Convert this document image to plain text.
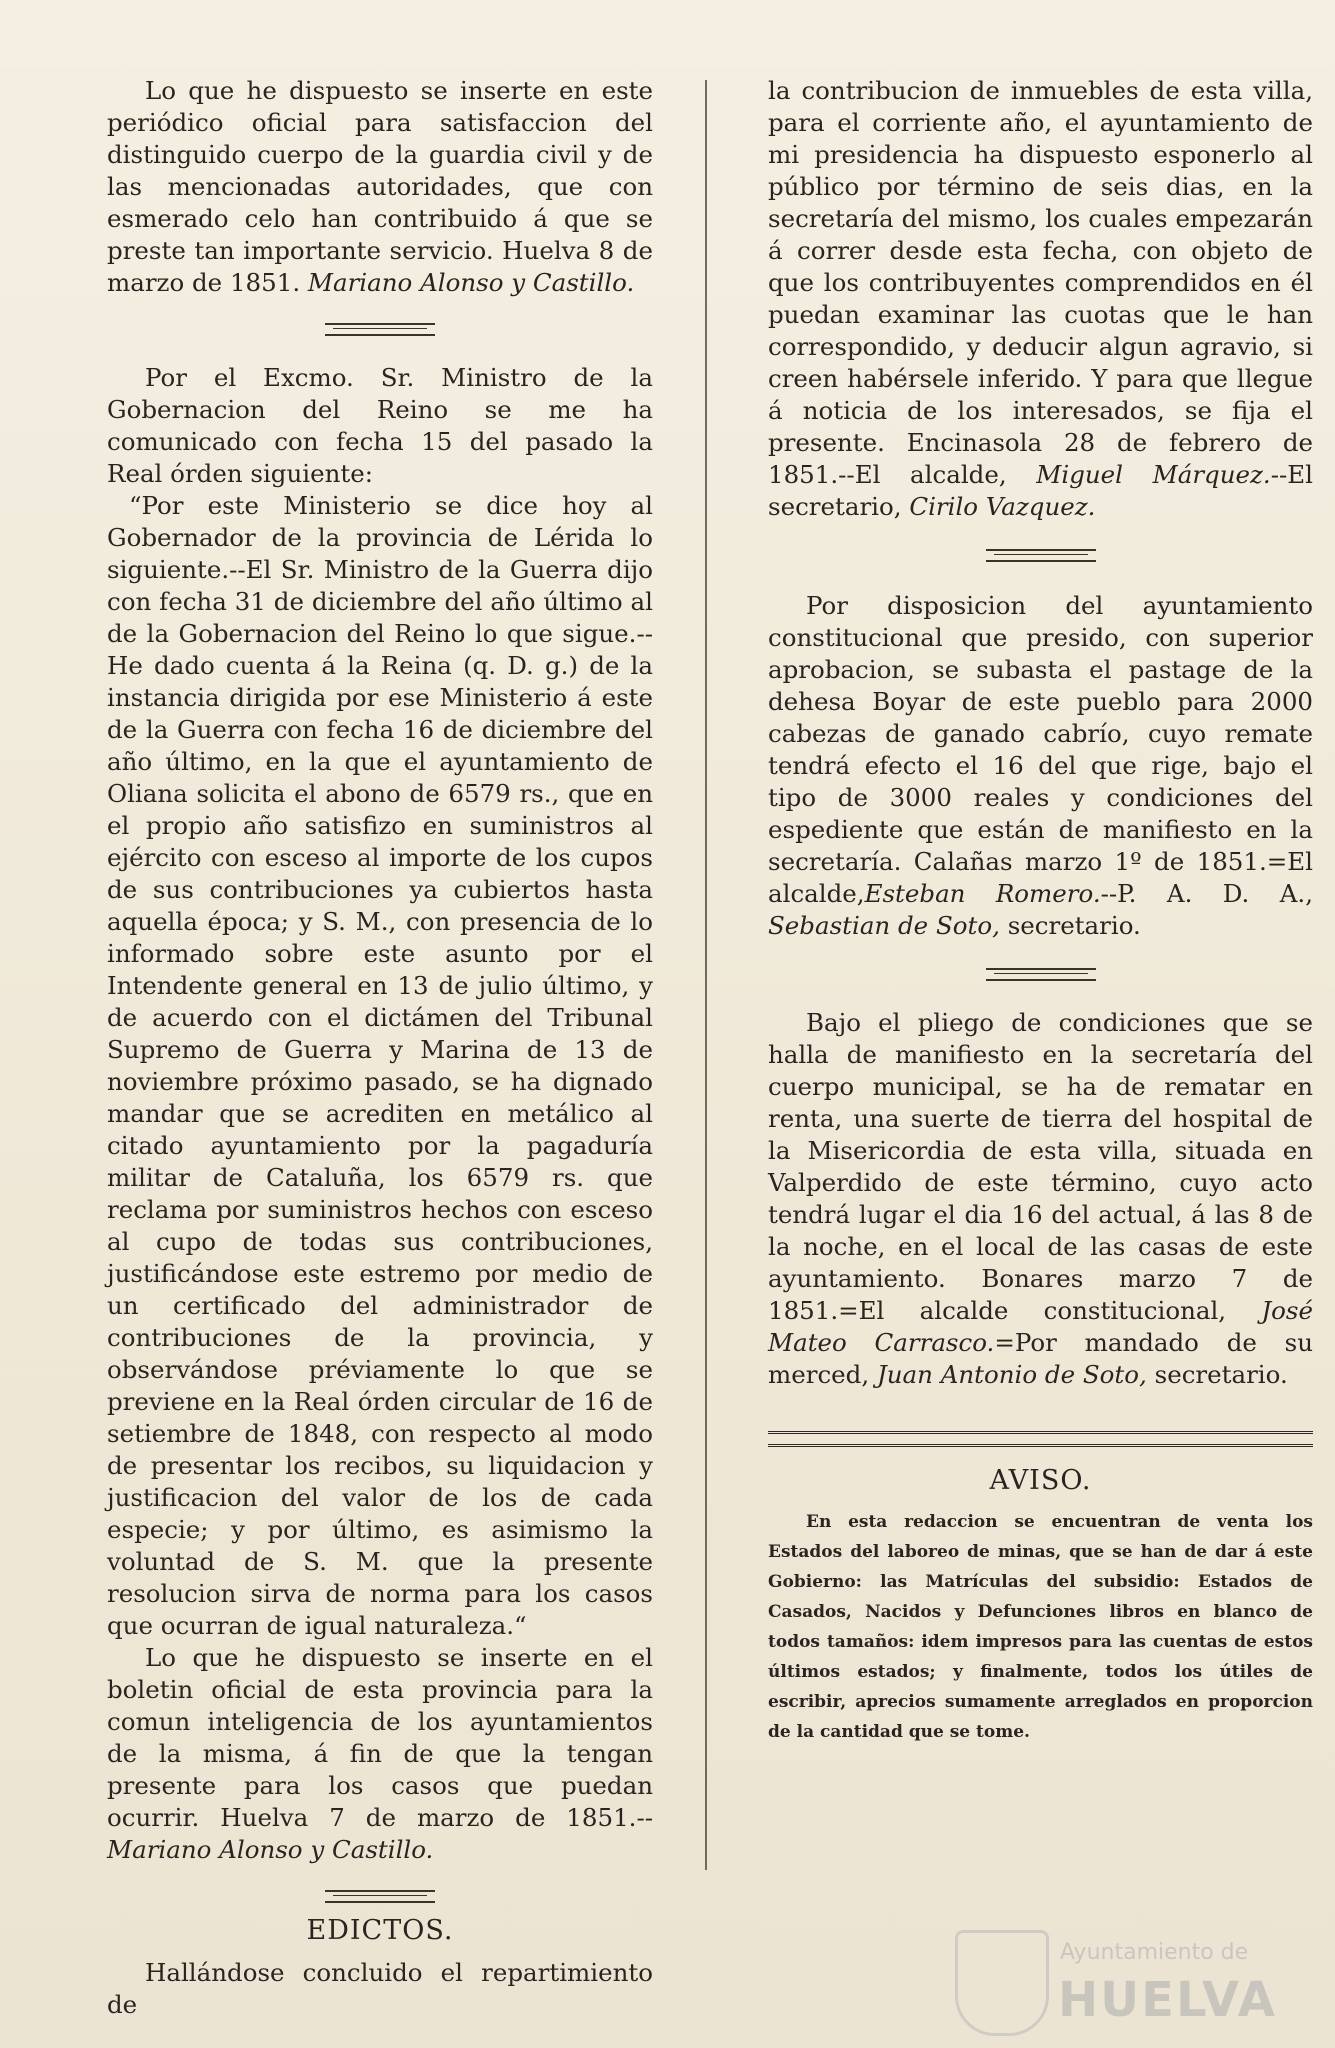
Lo que he dispuesto se inserte en este periódico oficial para satisfaccion del distinguido cuerpo de la guardia civil y de las mencionadas autoridades, que con esmerado celo han contribuido á que se preste tan importante servicio. Huelva 8 de marzo de 1851. Mariano Alonso y Castillo.

Por el Excmo. Sr. Ministro de la Gobernacion del Reino se me ha comunicado con fecha 15 del pasado la Real órden siguiente:

“Por este Ministerio se dice hoy al Gobernador de la provincia de Lérida lo siguiente.--El Sr. Ministro de la Guerra dijo con fecha 31 de diciembre del año último al de la Gobernacion del Reino lo que sigue.--He dado cuenta á la Reina (q. D. g.) de la instancia dirigida por ese Ministerio á este de la Guerra con fecha 16 de diciembre del año último, en la que el ayuntamiento de Oliana solicita el abono de 6579 rs., que en el propio año satisfizo en suministros al ejército con esceso al importe de los cupos de sus contribuciones ya cubiertos hasta aquella época; y S. M., con presencia de lo informado sobre este asunto por el Intendente general en 13 de julio último, y de acuerdo con el dictámen del Tribunal Supremo de Guerra y Marina de 13 de noviembre próximo pasado, se ha dignado mandar que se acrediten en metálico al citado ayuntamiento por la pagaduría militar de Cataluña, los 6579 rs. que reclama por suministros hechos con esceso al cupo de todas sus contribuciones, justificándose este estremo por medio de un certificado del administrador de contribuciones de la provincia, y observándose préviamente lo que se previene en la Real órden circular de 16 de setiembre de 1848, con respecto al modo de presentar los recibos, su liquidacion y justificacion del valor de los de cada especie; y por último, es asimismo la voluntad de S. M. que la presente resolucion sirva de norma para los casos que ocurran de igual naturaleza.“

Lo que he dispuesto se inserte en el boletin oficial de esta provincia para la comun inteligencia de los ayuntamientos de la misma, á fin de que la tengan presente para los casos que puedan ocurrir. Huelva 7 de marzo de 1851.--Mariano Alonso y Castillo.

EDICTOS.

Hallándose concluido el repartimiento de

la contribucion de inmuebles de esta villa, para el corriente año, el ayuntamiento de mi presidencia ha dispuesto esponerlo al público por término de seis dias, en la secretaría del mismo, los cuales empezarán á correr desde esta fecha, con objeto de que los contribuyentes comprendidos en él puedan examinar las cuotas que le han correspondido, y deducir algun agravio, si creen habérsele inferido. Y para que llegue á noticia de los interesados, se fija el presente. Encinasola 28 de febrero de 1851.--El alcalde, Miguel Márquez.--El secretario, Cirilo Vazquez.

Por disposicion del ayuntamiento constitucional que presido, con superior aprobacion, se subasta el pastage de la dehesa Boyar de este pueblo para 2000 cabezas de ganado cabrío, cuyo remate tendrá efecto el 16 del que rige, bajo el tipo de 3000 reales y condiciones del espediente que están de manifiesto en la secretaría. Calañas marzo 1º de 1851.=El alcalde,Esteban Romero.--P. A. D. A., Sebastian de Soto, secretario.

Bajo el pliego de condiciones que se halla de manifiesto en la secretaría del cuerpo municipal, se ha de rematar en renta, una suerte de tierra del hospital de la Misericordia de esta villa, situada en Valperdido de este término, cuyo acto tendrá lugar el dia 16 del actual, á las 8 de la noche, en el local de las casas de este ayuntamiento. Bonares marzo 7 de 1851.=El alcalde constitucional, José Mateo Carrasco.=Por mandado de su merced, Juan Antonio de Soto, secretario.

AVISO.

En esta redaccion se encuentran de venta los Estados del laboreo de minas, que se han de dar á este Gobierno: las Matrículas del subsidio: Estados de Casados, Nacidos y Defunciones libros en blanco de todos tamaños: idem impresos para las cuentas de estos últimos estados; y finalmente, todos los útiles de escribir, aprecios sumamente arreglados en proporcion de la cantidad que se tome.

Ayuntamiento de
HUELVA
